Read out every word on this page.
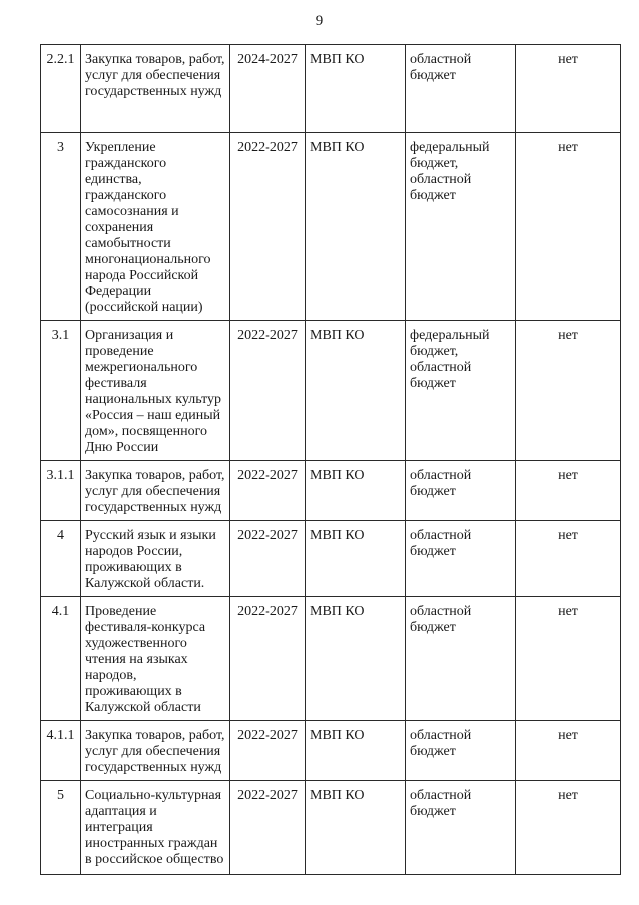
9
2.2.1	Закупка товаров, работ, услуг для обеспечения государственных нужд	2024-2027	МВП КО	областной бюджет	нет
3	Укрепление гражданского единства, гражданского самосознания и сохранения самобытности многонационального народа Российской Федерации (российской нации)	2022-2027	МВП КО	федеральный бюджет, областной бюджет	нет
3.1	Организация и проведение межрегионального фестиваля национальных культур «Россия – наш единый дом», посвященного Дню России	2022-2027	МВП КО	федеральный бюджет, областной бюджет	нет
3.1.1	Закупка товаров, работ, услуг для обеспечения государственных нужд	2022-2027	МВП КО	областной бюджет	нет
4	Русский язык и языки народов России, проживающих в Калужской области.	2022-2027	МВП КО	областной бюджет	нет
4.1	Проведение фестиваля-конкурса художественного чтения на языках народов, проживающих в Калужской области	2022-2027	МВП КО	областной бюджет	нет
4.1.1	Закупка товаров, работ, услуг для обеспечения государственных нужд	2022-2027	МВП КО	областной бюджет	нет
5	Социально-культурная адаптация и интеграция иностранных граждан в российское общество	2022-2027	МВП КО	областной бюджет	нет
